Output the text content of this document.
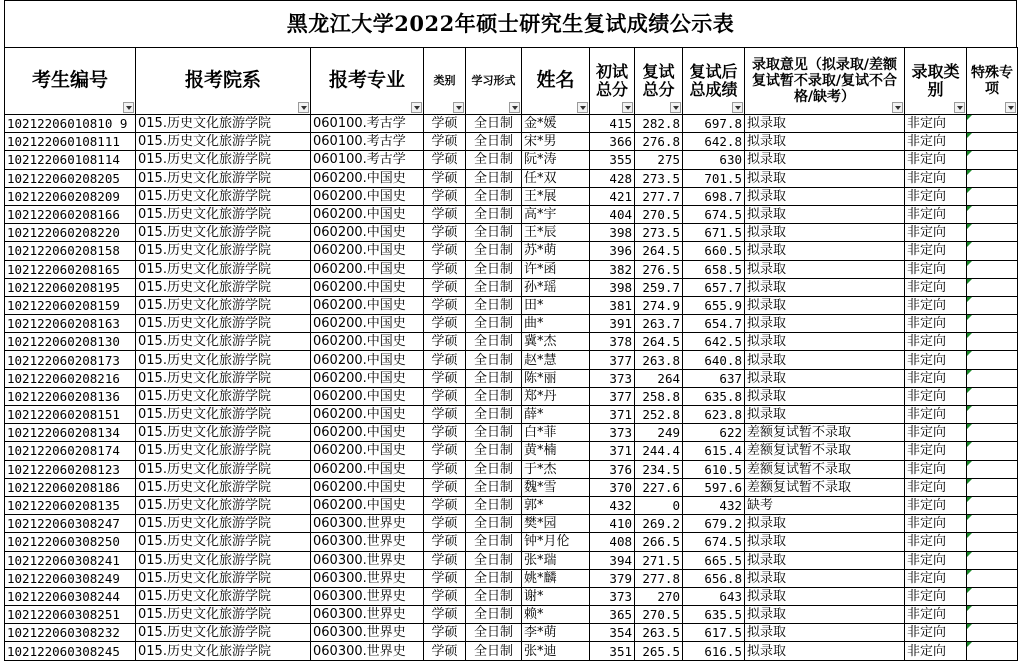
黑龙江大学2022年硕士研究生复试成绩公示表
考生编号	报考院系	报考专业	类别	学习形式	姓名	初试总分	复试总分	复试后总成绩	录取意见（拟录取/差额复试暂不录取/复试不合格/缺考）	录取类别	特殊专项

10212206010810 9	015.历史文化旅游学院	060100.考古学	学硕	全日制	金*媛	415	282.8	697.8	拟录取	非定向	
102122060108111	015.历史文化旅游学院	060100.考古学	学硕	全日制	宋*男	366	276.8	642.8	拟录取	非定向	
102122060108114	015.历史文化旅游学院	060100.考古学	学硕	全日制	阮*涛	355	275	630	拟录取	非定向	
102122060208205	015.历史文化旅游学院	060200.中国史	学硕	全日制	任*双	428	273.5	701.5	拟录取	非定向	
102122060208209	015.历史文化旅游学院	060200.中国史	学硕	全日制	王*展	421	277.7	698.7	拟录取	非定向	
102122060208166	015.历史文化旅游学院	060200.中国史	学硕	全日制	高*宇	404	270.5	674.5	拟录取	非定向	
102122060208220	015.历史文化旅游学院	060200.中国史	学硕	全日制	王*辰	398	273.5	671.5	拟录取	非定向	
102122060208158	015.历史文化旅游学院	060200.中国史	学硕	全日制	苏*萌	396	264.5	660.5	拟录取	非定向	
102122060208165	015.历史文化旅游学院	060200.中国史	学硕	全日制	许*函	382	276.5	658.5	拟录取	非定向	
102122060208195	015.历史文化旅游学院	060200.中国史	学硕	全日制	孙*瑶	398	259.7	657.7	拟录取	非定向	
102122060208159	015.历史文化旅游学院	060200.中国史	学硕	全日制	田*	381	274.9	655.9	拟录取	非定向	
102122060208163	015.历史文化旅游学院	060200.中国史	学硕	全日制	曲*	391	263.7	654.7	拟录取	非定向	
102122060208130	015.历史文化旅游学院	060200.中国史	学硕	全日制	冀*杰	378	264.5	642.5	拟录取	非定向	
102122060208173	015.历史文化旅游学院	060200.中国史	学硕	全日制	赵*慧	377	263.8	640.8	拟录取	非定向	
102122060208216	015.历史文化旅游学院	060200.中国史	学硕	全日制	陈*丽	373	264	637	拟录取	非定向	
102122060208136	015.历史文化旅游学院	060200.中国史	学硕	全日制	郑*丹	377	258.8	635.8	拟录取	非定向	
102122060208151	015.历史文化旅游学院	060200.中国史	学硕	全日制	薛*	371	252.8	623.8	拟录取	非定向	
102122060208134	015.历史文化旅游学院	060200.中国史	学硕	全日制	白*菲	373	249	622	差额复试暂不录取	非定向	
102122060208174	015.历史文化旅游学院	060200.中国史	学硕	全日制	黄*楠	371	244.4	615.4	差额复试暂不录取	非定向	
102122060208123	015.历史文化旅游学院	060200.中国史	学硕	全日制	于*杰	376	234.5	610.5	差额复试暂不录取	非定向	
102122060208186	015.历史文化旅游学院	060200.中国史	学硕	全日制	魏*雪	370	227.6	597.6	差额复试暂不录取	非定向	
102122060208135	015.历史文化旅游学院	060200.中国史	学硕	全日制	郭*	432	0	432	缺考	非定向	
102122060308247	015.历史文化旅游学院	060300.世界史	学硕	全日制	樊*园	410	269.2	679.2	拟录取	非定向	
102122060308250	015.历史文化旅游学院	060300.世界史	学硕	全日制	钟*月伦	408	266.5	674.5	拟录取	非定向	
102122060308241	015.历史文化旅游学院	060300.世界史	学硕	全日制	张*瑞	394	271.5	665.5	拟录取	非定向	
102122060308249	015.历史文化旅游学院	060300.世界史	学硕	全日制	姚*麟	379	277.8	656.8	拟录取	非定向	
102122060308244	015.历史文化旅游学院	060300.世界史	学硕	全日制	谢*	373	270	643	拟录取	非定向	
102122060308251	015.历史文化旅游学院	060300.世界史	学硕	全日制	赖*	365	270.5	635.5	拟录取	非定向	
102122060308232	015.历史文化旅游学院	060300.世界史	学硕	全日制	李*萌	354	263.5	617.5	拟录取	非定向	
102122060308245	015.历史文化旅游学院	060300.世界史	学硕	全日制	张*迪	351	265.5	616.5	拟录取	非定向	
